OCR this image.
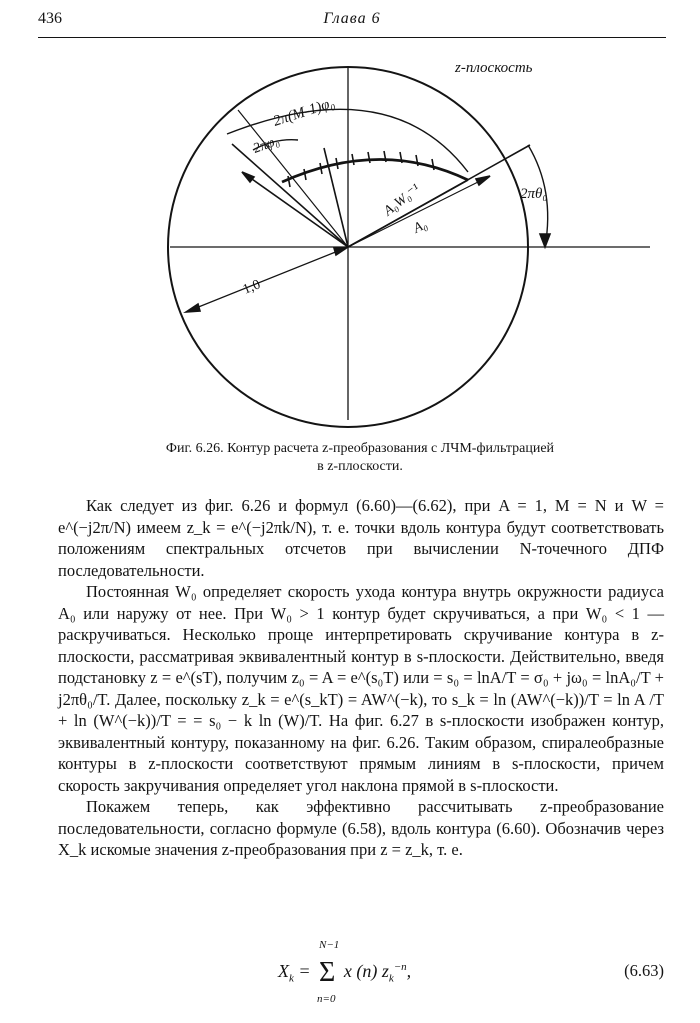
436	Глава 6
z-плоскость
2π(M-1)φ₀
2πφ₀
A₀W₀⁻¹
A₀
2πθ₀
1,0
Фиг. 6.26. Контур расчета z-преобразования с ЛЧМ-фильтрацией
в z-плоскости.

Как следует из фиг. 6.26 и формул (6.60)—(6.62), при A = 1, M = N и W = e^(−j2π/N) имеем z_k = e^(−j2πk/N), т. е. точки вдоль контура будут соответствовать положениям спектральных отсчетов при вычислении N-точечного ДПФ последовательности.

Постоянная W₀ определяет скорость ухода контура внутрь окружности радиуса A₀ или наружу от нее. При W₀ > 1 контур будет скручиваться, а при W₀ < 1 — раскручиваться. Несколько проще интерпретировать скручивание контура в z-плоскости, рассматривая эквивалентный контур в s-плоскости. Действительно, введя подстановку z = e^(sT), получим z₀ = A = e^(s₀T) или = s₀ = lnA/T = σ₀ + jω₀ = lnA₀/T + j2πθ₀/T. Далее, поскольку z_k = e^(s_kT) = AW^(−k), то s_k = ln (AW^(−k))/T = ln A /T + ln (W^(−k))/T = = s₀ − k ln (W)/T. На фиг. 6.27 в s-плоскости изображен контур, эквивалентный контуру, показанному на фиг. 6.26. Таким образом, спиралеобразные контуры в z-плоскости соответствуют прямым линиям в s-плоскости, причем скорость закручивания определяет угол наклона прямой в s-плоскости.

Покажем теперь, как эффективно рассчитывать z-преобразование последовательности, согласно формуле (6.58), вдоль контура (6.60). Обозначив через X_k искомые значения z-преобразования при z = z_k, т. е.

$X_k = \Sigma$
N−1
n=0
x (n) $z_k^{-n}$,	(6.63)
